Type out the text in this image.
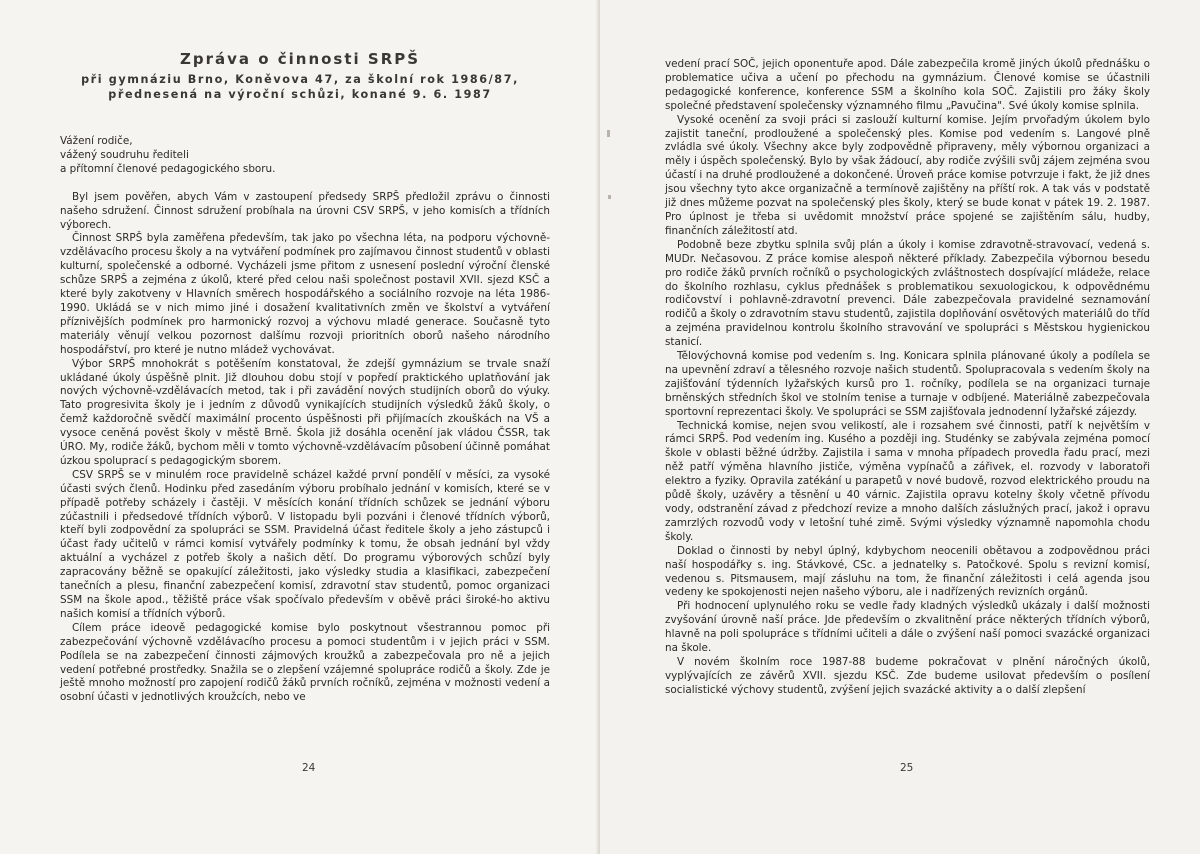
Zpráva o činnosti SRPŠ
při gymnáziu Brno, Koněvova 47, za školní rok 1986/87,
přednesená na výroční schůzi, konané 9. 6. 1987

Vážení rodiče,

vážený soudruhu řediteli

a přítomní členové pedagogického sboru.

Byl jsem pověřen, abych Vám v zastoupení předsedy SRPŠ předložil zprávu o činnosti našeho sdružení. Činnost sdružení probíhala na úrovni CSV SRPŠ, v jeho komisích a třídních výborech.

Činnost SRPŠ byla zaměřena především, tak jako po všechna léta, na podporu výchovně-vzdělávacího procesu školy a na vytváření podmínek pro zajímavou činnost studentů v oblasti kulturní, společenské a odborné. Vycházeli jsme přitom z usnesení poslední výroční členské schůze SRPŠ a zejména z úkolů, které před celou naši společnost postavil XVII. sjezd KSČ a které byly zakotveny v Hlavních směrech hospodářského a sociálního rozvoje na léta 1986-1990. Ukládá se v nich mimo jiné i dosažení kvalitativních změn ve školství a vytváření příznivějších podmínek pro harmonický rozvoj a výchovu mladé generace. Současně tyto materiály věnují velkou pozornost dalšímu rozvoji prioritních oborů našeho národního hospodářství, pro které je nutno mládež vychovávat.

Výbor SRPŠ mnohokrát s potěšením konstatoval, že zdejší gymnázium se trvale snaží ukládané úkoly úspěšně plnit. Již dlouhou dobu stojí v popředí praktického uplatňování jak nových výchovně-vzdělávacích metod, tak i při zavádění nových studijních oborů do výuky. Tato progresivita školy je i jedním z důvodů vynikajících studijních výsledků žáků školy, o čemž každoročně svědčí maximální procento úspěšnosti při přijímacích zkouškách na VŠ a vysoce ceněná pověst školy v městě Brně. Škola již dosáhla ocenění jak vládou ČSSR, tak ÚRO. My, rodiče žáků, bychom měli v tomto výchovně-vzdělávacím působení účinně pomáhat úzkou spoluprací s pedagogickým sborem.

CSV SRPŠ se v minulém roce pravidelně scházel každé první pondělí v měsíci, za vysoké účasti svých členů. Hodinku před zasedáním výboru probíhalo jednání v komisích, které se v případě potřeby scházely i častěji. V měsících konání třídních schůzek se jednání výboru zúčastnili i předsedové třídních výborů. V listopadu byli pozváni i členové třídních výborů, kteří byli zodpovědní za spolupráci se SSM. Pravidelná účast ředitele školy a jeho zástupců i účast řady učitelů v rámci komisí vytvářely podmínky k tomu, že obsah jednání byl vždy aktuální a vycházel z potřeb školy a našich dětí. Do programu výborových schůzí byly zapracovány běžně se opakující záležitosti, jako výsledky studia a klasifikaci, zabezpečení tanečních a plesu, finanční zabezpečení komisí, zdravotní stav studentů, pomoc organizaci SSM na škole apod., těžiště práce však spočívalo především v oběvě práci široké-ho aktivu našich komisí a třídních výborů.

Cílem práce ideově pedagogické komise bylo poskytnout všestrannou pomoc při zabezpečování výchovně vzdělávacího procesu a pomoci studentům i v jejich práci v SSM. Podílela se na zabezpečení činnosti zájmových kroužků a zabezpečovala pro ně a jejich vedení potřebné prostředky. Snažila se o zlepšení vzájemné spolupráce rodičů a školy. Zde je ještě mnoho možností pro zapojení rodičů žáků prvních ročníků, zejména v možnosti vedení a osobní účasti v jednotlivých kroužcích, nebo ve

24

vedení prací SOČ, jejich oponentuře apod. Dále zabezpečila kromě jiných úkolů přednášku o problematice učiva a učení po přechodu na gymnázium. Členové komise se účastnili pedagogické konference, konference SSM a školního kola SOČ. Zajistili pro žáky školy společné představení společensky významného filmu „Pavučina". Své úkoly komise splnila.

Vysoké ocenění za svoji práci si zaslouží kulturní komise. Jejím prvořadým úkolem bylo zajistit taneční, prodloužené a společenský ples. Komise pod vedením s. Langové plně zvládla své úkoly. Všechny akce byly zodpovědně připraveny, měly výbornou organizaci a měly i úspěch společenský. Bylo by však žádoucí, aby rodiče zvýšili svůj zájem zejména svou účastí i na druhé prodloužené a dokončené. Úroveň práce komise potvrzuje i fakt, že již dnes jsou všechny tyto akce organizačně a termínově zajištěny na příští rok. A tak vás v podstatě již dnes můžeme pozvat na společenský ples školy, který se bude konat v pátek 19. 2. 1987. Pro úplnost je třeba si uvědomit množství práce spojené se zajištěním sálu, hudby, finančních záležitostí atd.

Podobně beze zbytku splnila svůj plán a úkoly i komise zdravotně-stravovací, vedená s. MUDr. Nečasovou. Z práce komise alespoň některé příklady. Zabezpečila výbornou besedu pro rodiče žáků prvních ročníků o psychologických zvláštnostech dospívající mládeže, relace do školního rozhlasu, cyklus přednášek s problematikou sexuologickou, k odpovědnému rodičovství i pohlavně-zdravotní prevenci. Dále zabezpečovala pravidelné seznamování rodičů a školy o zdravotním stavu studentů, zajistila doplňování osvětových materiálů do tříd a zejména pravidelnou kontrolu školního stravování ve spolupráci s Městskou hygienickou stanicí.

Tělovýchovná komise pod vedením s. Ing. Konicara splnila plánované úkoly a podílela se na upevnění zdraví a tělesného rozvoje našich studentů. Spolupracovala s vedením školy na zajišťování týdenních lyžařských kursů pro 1. ročníky, podílela se na organizaci turnaje brněnských středních škol ve stolním tenise a turnaje v odbíjené. Materiálně zabezpečovala sportovní reprezentaci školy. Ve spolupráci se SSM zajišťovala jednodenní lyžařské zájezdy.

Technická komise, nejen svou velikostí, ale i rozsahem své činnosti, patří k největším v rámci SRPŠ. Pod vedením ing. Kusého a později ing. Studénky se zabývala zejména pomocí škole v oblasti běžné údržby. Zajistila i sama v mnoha případech provedla řadu prací, mezi něž patří výměna hlavního jističe, výměna vypínačů a zářivek, el. rozvody v laboratoři elektro a fyziky. Opravila zatékání u parapetů v nové budově, rozvod elektrického proudu na půdě školy, uzávěry a těsnění u 40 várnic. Zajistila opravu kotelny školy včetně přívodu vody, odstranění závad z předchozí revize a mnoho dalších záslužných prací, jakož i opravu zamrzlých rozvodů vody v letošní tuhé zimě. Svými výsledky významně napomohla chodu školy.

Doklad o činnosti by nebyl úplný, kdybychom neocenili obětavou a zodpovědnou práci naší hospodářky s. ing. Stávkové, CSc. a jednatelky s. Patočkové. Spolu s revizní komisí, vedenou s. Pitsmausem, mají zásluhu na tom, že finanční záležitosti i celá agenda jsou vedeny ke spokojenosti nejen našeho výboru, ale i nadřízených revizních orgánů.

Při hodnocení uplynulého roku se vedle řady kladných výsledků ukázaly i další možnosti zvyšování úrovně naší práce. Jde především o zkvalitnění práce některých třídních výborů, hlavně na poli spolupráce s třídními učiteli a dále o zvýšení naší pomoci svazácké organizaci na škole.

V novém školním roce 1987-88 budeme pokračovat v plnění náročných úkolů, vyplývajících ze závěrů XVII. sjezdu KSČ. Zde budeme usilovat především o posílení socialistické výchovy studentů, zvýšení jejich svazácké aktivity a o další zlepšení

25
